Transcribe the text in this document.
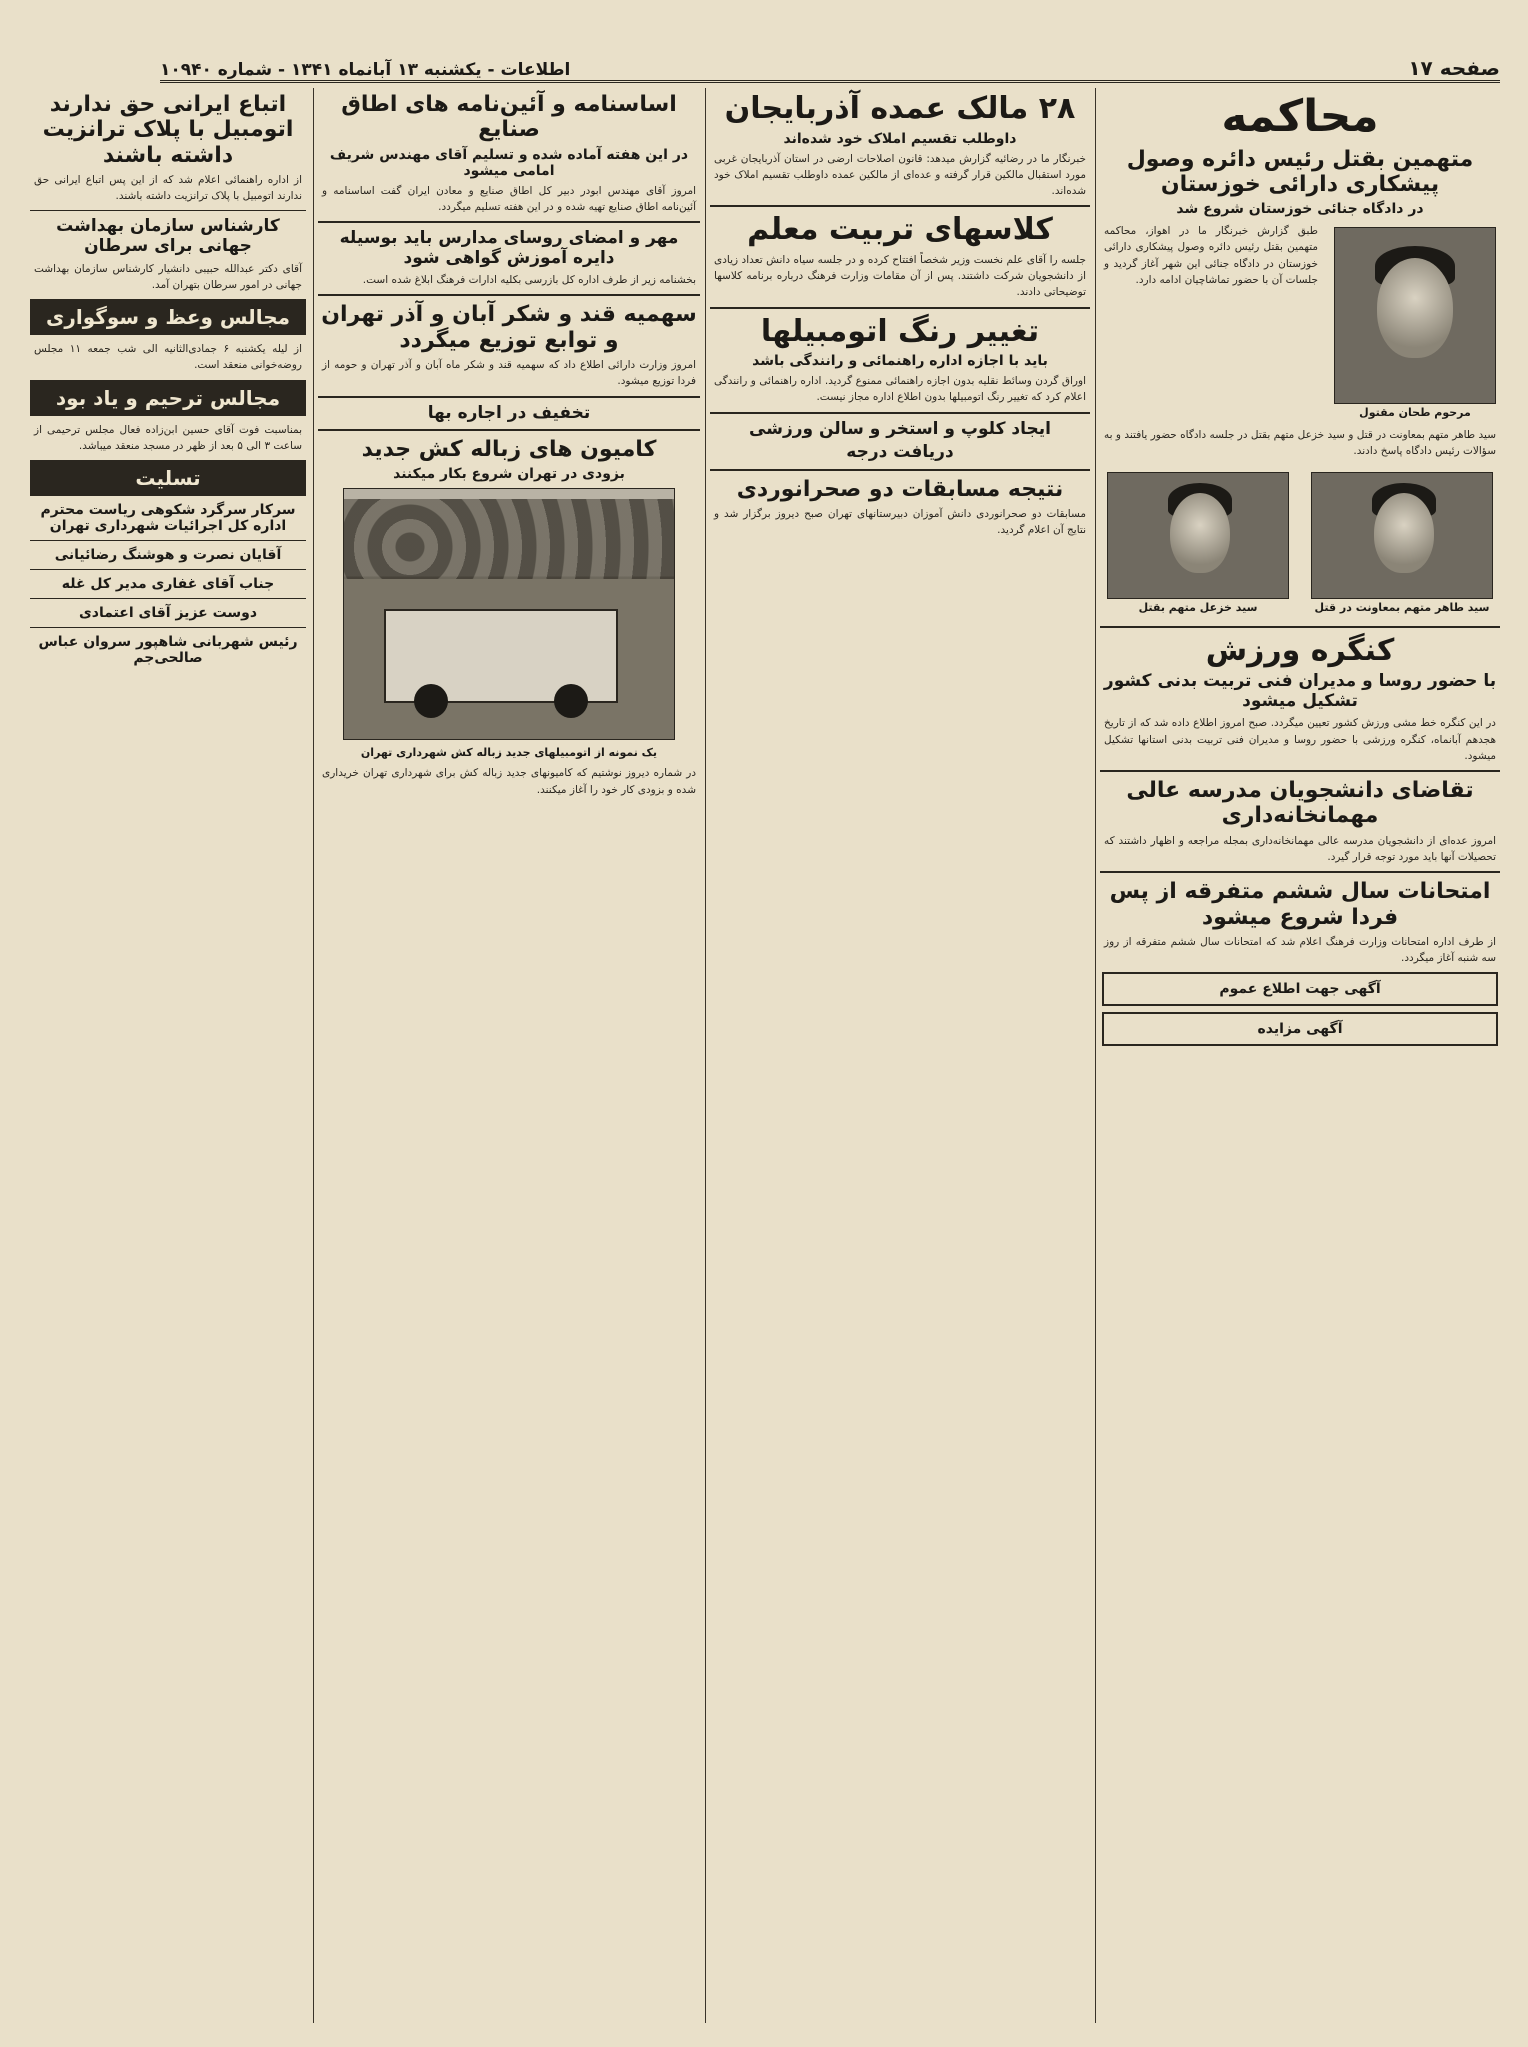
صفحه ۱۷
اطلاعات - یکشنبه ۱۳ آبانماه ۱۳۴۱ - شماره ۱۰۹۴۰
محاکمه
متهمین بقتل رئیس دائره وصول پیشکاری دارائی خوزستان
در دادگاه جنائی خوزستان شروع شد
مرحوم طحان مقتول
طبق گزارش خبرنگار ما در اهواز، محاکمه متهمین بقتل رئیس دائره وصول پیشکاری دارائی خوزستان در دادگاه جنائی این شهر آغاز گردید و جلسات آن با حضور تماشاچیان ادامه دارد.
سید طاهر متهم بمعاونت در قتل و سید خزعل متهم بقتل در جلسه دادگاه حضور یافتند و به سؤالات رئیس دادگاه پاسخ دادند.
سید طاهر متهم بمعاونت در قتل
سید خزعل متهم بقتل
کنگره ورزش
با حضور روسا و مدیران فنی تربیت بدنی کشور تشکیل میشود
در این کنگره خط مشی ورزش کشور تعیین میگردد. صبح امروز اطلاع داده شد که از تاریخ هجدهم آبانماه، کنگره ورزشی با حضور روسا و مدیران فنی تربیت بدنی استانها تشکیل میشود.
تقاضای دانشجویان مدرسه عالی مهمانخانه‌داری
امروز عده‌ای از دانشجویان مدرسه عالی مهمانخانه‌داری بمجله مراجعه و اظهار داشتند که تحصیلات آنها باید مورد توجه قرار گیرد.
امتحانات سال ششم متفرقه از پس فردا شروع میشود
از طرف اداره امتحانات وزارت فرهنگ اعلام شد که امتحانات سال ششم متفرقه از روز سه شنبه آغاز میگردد.
آگهی جهت اطلاع عموم
آگهی مزایده
۲۸ مالک عمده آذربایجان
داوطلب تقسیم املاک خود شده‌اند
خبرنگار ما در رضائیه گزارش میدهد: قانون اصلاحات ارضی در استان آذربایجان غربی مورد استقبال مالکین قرار گرفته و عده‌ای از مالکین عمده داوطلب تقسیم املاک خود شده‌اند.
کلاسهای تربیت معلم
جلسه را آقای علم نخست وزیر شخصاً افتتاح کرده و در جلسه سیاه دانش تعداد زیادی از دانشجویان شرکت داشتند. پس از آن مقامات وزارت فرهنگ درباره برنامه کلاسها توضیحاتی دادند.
تغییر رنگ اتومبیلها
باید با اجازه اداره راهنمائی و رانندگی باشد
اوراق گردن وسائط نقلیه بدون اجازه راهنمائی ممنوع گردید. اداره راهنمائی و رانندگی اعلام کرد که تغییر رنگ اتومبیلها بدون اطلاع اداره مجاز نیست.
ایجاد کلوپ و استخر و سالن ورزشی
دریافت درجه
نتیجه مسابقات دو صحرانوردی
مسابقات دو صحرانوردی دانش آموزان دبیرستانهای تهران صبح دیروز برگزار شد و نتایج آن اعلام گردید.
اساسنامه و آئین‌نامه های اطاق صنایع
در این هفته آماده شده و تسلیم آقای مهندس شریف امامی میشود
امروز آقای مهندس ابودر دبیر کل اطاق صنایع و معادن ایران گفت اساسنامه و آئین‌نامه اطاق صنایع تهیه شده و در این هفته تسلیم میگردد.
مهر و امضای روسای مدارس باید بوسیله دایره آموزش گواهی شود
بخشنامه زیر از طرف اداره کل بازرسی بکلیه ادارات فرهنگ ابلاغ شده است.
سهمیه قند و شکر آبان و آذر تهران و توابع توزیع میگردد
امروز وزارت دارائی اطلاع داد که سهمیه قند و شکر ماه آبان و آذر تهران و حومه از فردا توزیع میشود.
تخفیف در اجاره بها
کامیون های زباله کش جدید
بزودی در تهران شروع بکار میکنند
یک نمونه از اتومبیلهای جدید زباله کش شهرداری تهران
در شماره دیروز نوشتیم که کامیونهای جدید زباله کش برای شهرداری تهران خریداری شده و بزودی کار خود را آغاز میکنند.
اتباع ایرانی حق ندارند اتومبیل با پلاک ترانزیت داشته باشند
از اداره راهنمائی اعلام شد که از این پس اتباع ایرانی حق ندارند اتومبیل با پلاک ترانزیت داشته باشند.
کارشناس سازمان بهداشت جهانی برای سرطان
آقای دکتر عبدالله حبیبی دانشیار کارشناس سازمان بهداشت جهانی در امور سرطان بتهران آمد.
مجالس وعظ و سوگواری
از لیله یکشنبه ۶ جمادی‌الثانیه الی شب جمعه ۱۱ مجلس روضه‌خوانی منعقد است.
مجالس ترحیم و یاد بود
بمناسبت فوت آقای حسین ابن‌زاده فعال مجلس ترحیمی از ساعت ۳ الی ۵ بعد از ظهر در مسجد منعقد میباشد.
تسلیت
سرکار سرگرد شکوهی ریاست محترم اداره کل اجرائیات شهرداری تهران
آقایان نصرت و هوشنگ رضائیانی
جناب آقای غفاری مدیر کل غله
دوست عزیز آقای اعتمادی
رئیس شهربانی شاهپور سروان عباس صالحی‌جم
